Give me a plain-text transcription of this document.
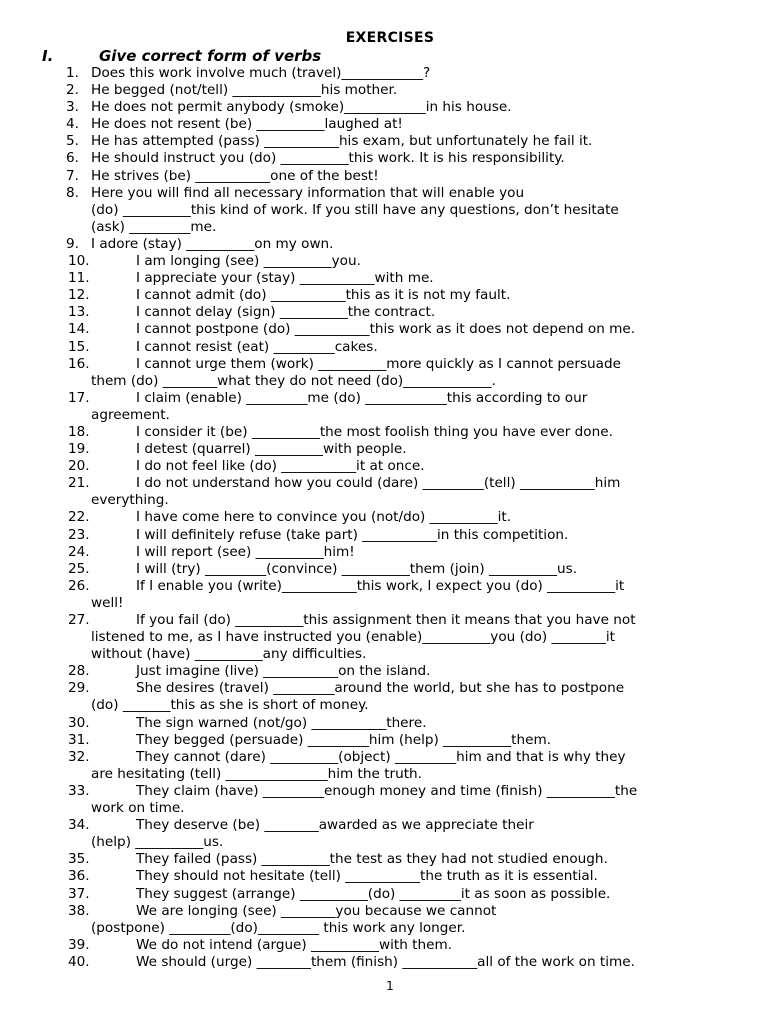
EXERCISES
I.	Give correct form of verbs
1. Does this work involve much (travel)____________?
2. He begged (not/tell) _____________his mother.
3. He does not permit anybody (smoke)____________in his house.
4. He does not resent (be) __________laughed at!
5. He has attempted (pass) ___________his exam, but unfortunately he fail it.
6. He should instruct you (do) __________this work. It is his responsibility.
7. He strives (be) ___________one of the best!
8. Here you will find all necessary information that will enable you
(do) __________this kind of work. If you still have any questions, don’t hesitate
(ask) _________me.
9. I adore (stay) __________on my own.
10.	I am longing (see) __________you.
11.	I appreciate your (stay) ___________with me.
12.	I cannot admit (do) ___________this as it is not my fault.
13.	I cannot delay (sign) __________the contract.
14.	I cannot postpone (do) ___________this work as it does not depend on me.
15.	I cannot resist (eat) _________cakes.
16.	I cannot urge them (work) __________more quickly as I cannot persuade
them (do) ________what they do not need (do)_____________.
17.	I claim (enable) _________me (do) ____________this according to our
agreement.
18.	I consider it (be) __________the most foolish thing you have ever done.
19.	I detest (quarrel) __________with people.
20.	I do not feel like (do) ___________it at once.
21.	I do not understand how you could (dare) _________(tell) ___________him
everything.
22.	I have come here to convince you (not/do) __________it.
23.	I will definitely refuse (take part) ___________in this competition.
24.	I will report (see) __________him!
25.	I will (try) _________(convince) __________them (join) __________us.
26.	If I enable you (write)___________this work, I expect you (do) __________it
well!
27.	If you fail (do) __________this assignment then it means that you have not
listened to me, as I have instructed you (enable)__________you (do) ________it
without (have) __________any difficulties.
28.	Just imagine (live) ___________on the island.
29.	She desires (travel) _________around the world, but she has to postpone
(do) _______this as she is short of money.
30.	The sign warned (not/go) ___________there.
31.	They begged (persuade) _________him (help) __________them.
32.	They cannot (dare) __________(object) _________him and that is why they
are hesitating (tell) _______________him the truth.
33.	They claim (have) _________enough money and time (finish) __________the
work on time.
34.	They deserve (be) ________awarded as we appreciate their
(help) __________us.
35.	They failed (pass) __________the test as they had not studied enough.
36.	They should not hesitate (tell) ___________the truth as it is essential.
37.	They suggest (arrange) __________(do) _________it as soon as possible.
38.	We are longing (see) ________you because we cannot
(postpone) _________(do)_________ this work any longer.
39.	We do not intend (argue) __________with them.
40.	We should (urge) ________them (finish) ___________all of the work on time.
1
